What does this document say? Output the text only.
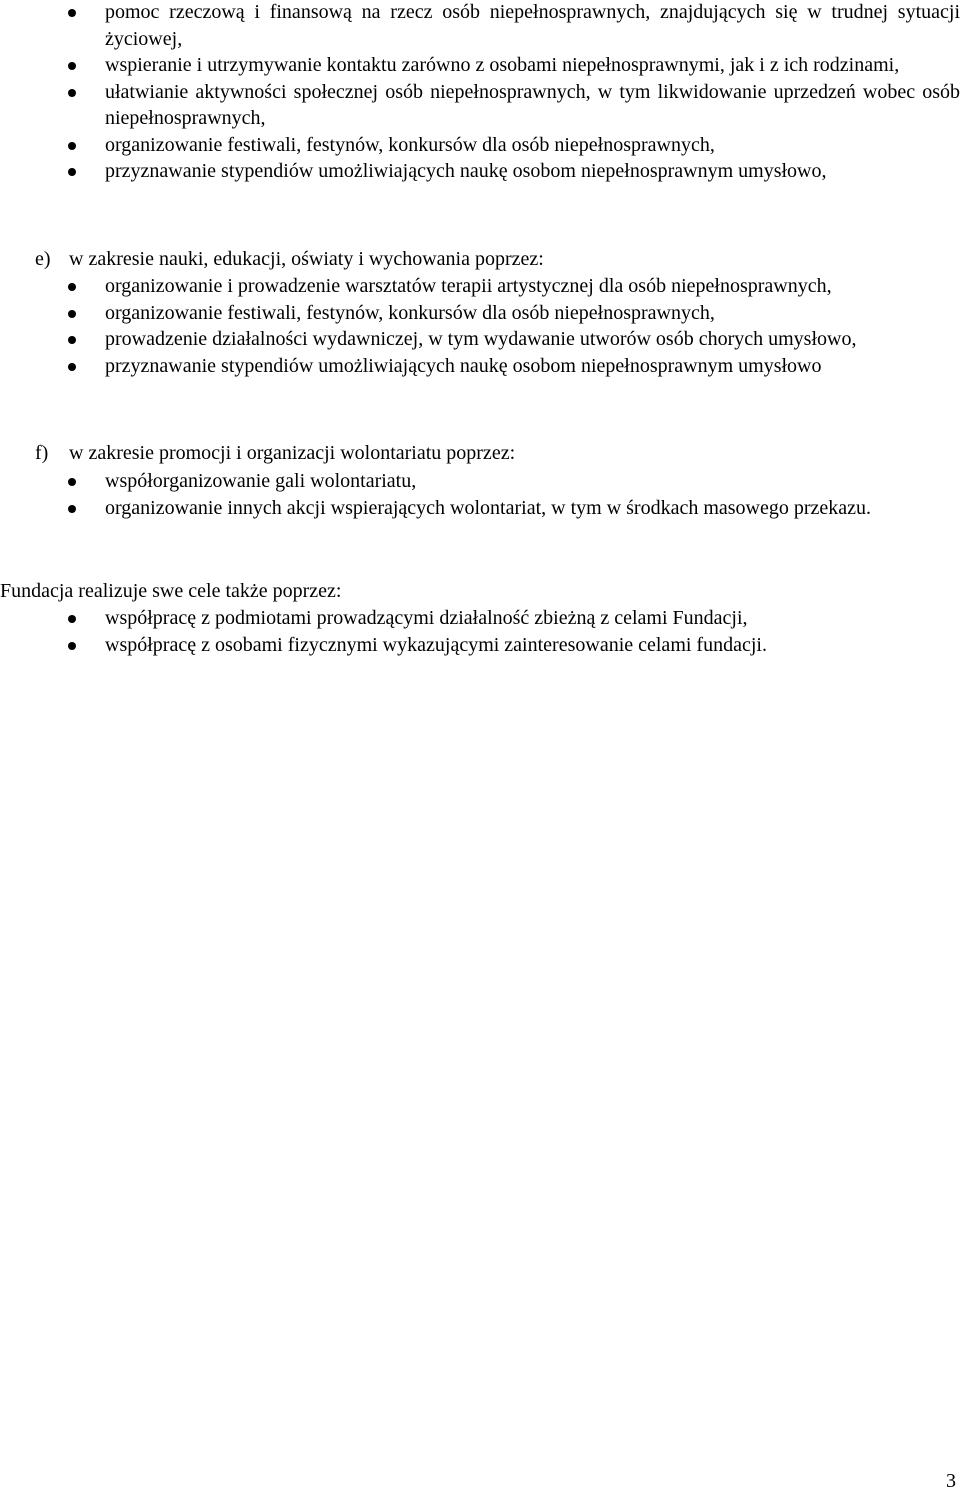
pomoc rzeczową i finansową na rzecz osób niepełnosprawnych, znajdujących się w trudnej sytuacji życiowej,
wspieranie i utrzymywanie kontaktu zarówno z osobami niepełnosprawnymi, jak i z ich rodzinami,
ułatwianie aktywności społecznej osób niepełnosprawnych, w tym likwidowanie uprzedzeń wobec osób niepełnosprawnych,
organizowanie festiwali, festynów, konkursów dla osób niepełnosprawnych,
przyznawanie stypendiów umożliwiających naukę osobom niepełnosprawnym umysłowo,
e) w zakresie nauki, edukacji, oświaty i wychowania poprzez:
organizowanie i prowadzenie warsztatów terapii artystycznej dla osób niepełnosprawnych,
organizowanie festiwali, festynów, konkursów dla osób niepełnosprawnych,
prowadzenie działalności wydawniczej, w tym wydawanie utworów osób chorych umysłowo,
przyznawanie stypendiów umożliwiających naukę osobom niepełnosprawnym umysłowo
f) w zakresie promocji i organizacji wolontariatu poprzez:
współorganizowanie gali wolontariatu,
organizowanie innych akcji wspierających wolontariat, w tym w środkach masowego przekazu.
Fundacja realizuje swe cele także poprzez:
współpracę z podmiotami prowadzącymi działalność zbieżną z celami Fundacji,
współpracę z osobami fizycznymi wykazującymi zainteresowanie celami fundacji.
3
